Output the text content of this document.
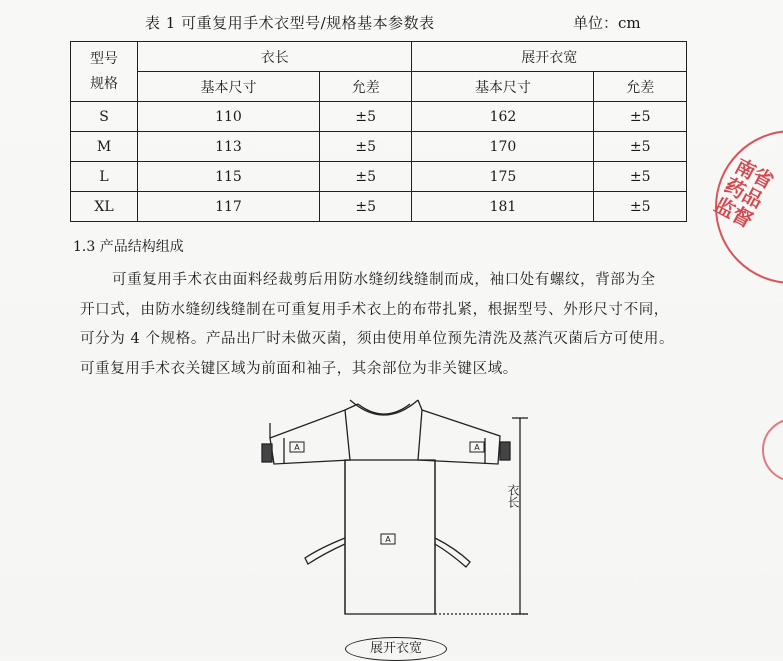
表 1 可重复用手术衣型号/规格基本参数表	单位：cm
型号
规格	衣长		展开衣宽	
	基本尺寸	允差	基本尺寸	允差
S	110	±5	162	±5
M	113	±5	170	±5
L	115	±5	175	±5
XL	117	±5	181	±5
1.3 产品结构组成

可重复用手术衣由面料经裁剪后用防水缝纫线缝制而成，袖口处有螺纹，背部为全

开口式，由防水缝纫线缝制在可重复用手术衣上的布带扎紧，根据型号、外形尺寸不同，
可分为 4 个规格。产品出厂时未做灭菌，须由使用单位预先清洗及蒸汽灭菌后方可使用。
可重复用手术衣关键区域为前面和袖子，其余部位为非关键区域。
南省药品监督
A	A
A
衣长
展开衣宽
